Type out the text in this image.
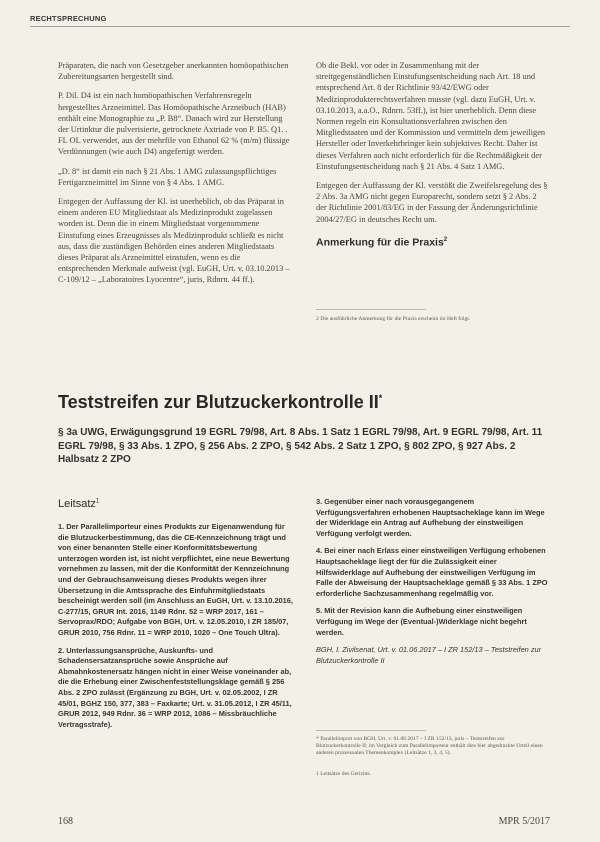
RECHTSPRECHUNG

Präparaten, die nach von Gesetzgeber anerkannten homöopathischen Zubereitungsarten hergestellt sind.

P. Dil. D4 ist ein nach homöopathischen Verfahrensregeln hergestelltes Arzneimittel. Das Homöopathische Arzneibuch (HAB) enthält eine Monographie zu „P. B8“. Danach wird zur Herstellung der Urtinktur die pulverisierte, getrocknete Axtriade von P. B5. Q1. . FL OL verwendet, aus der mehrfile von Ethanol 62 % (m/m) flüssige Verdünnungen (wie auch D4) angefertigt werden.

„D. 8“ ist damit ein nach § 21 Abs. 1 AMG zulassungspflichtiges Fertigarzneimittel im Sinne von § 4 Abs. 1 AMG.

Entgegen der Auffassung der Kl. ist unerheblich, ob das Präparat in einem anderen EU Mitgliedstaat als Medizinprodukt zugelassen worden ist. Denn die in einem Mitgliedstaat vorgenommene Einstufung eines Erzeugnisses als Medizinprodukt schließt es nicht aus, dass die zuständigen Behörden eines anderen Mitgliedstaats dieses Präparat als Arzneimittel einstufen, wenn es die entsprechenden Merkmale aufweist (vgl. EuGH, Urt. v. 03.10.2013 – C-109/12 – „Laboratoires Lyocentre“, juris, Rdnrn. 44 ff.).

Ob die Bekl. vor oder in Zusammenhang mit der streitgegenständlichen Einstufungsentscheidung nach Art. 18 und entsprechend Art. 8 der Richtlinie 93/42/EWG oder Medizinprodukterechtsverfahren musste (vgl. dazu EuGH, Urt. v. 03.10.2013, a.a.O., Rdnrn. 53ff.), ist hier unerheblich. Denn diese Normen regeln ein Konsultationsverfahren zwischen den Mitgliedstaaten und der Kommission und vermitteln dem jeweiligen Hersteller oder Inverkehrbringer kein subjektives Recht. Daher ist dieses Verfahren auch nicht erforderlich für die Rechtmäßigkeit der Einstufungsentscheidung nach § 21 Abs. 4 Satz 1 AMG.

Entgegen der Auffassung der Kl. verstößt die Zweifelsregelung des § 2 Abs. 3a AMG nicht gegen Europarecht, sondern setzt § 2 Abs. 2 der Richtlinie 2001/83/EG in der Fassung der Änderungsrichtlinie 2004/27/EG in deutsches Recht um.

Anmerkung für die Praxis$^2$
2 Die ausführliche Anmerkung für die Praxis erscheint im Heft folgt.
Teststreifen zur Blutzuckerkontrolle II*
§ 3a UWG, Erwägungsgrund 19 EGRL 79/98, Art. 8 Abs. 1 Satz 1 EGRL 79/98, Art. 9 EGRL 79/98, Art. 11 EGRL 79/98, § 33 Abs. 1 ZPO, § 256 Abs. 2 ZPO, § 542 Abs. 2 Satz 1 ZPO, § 802 ZPO, § 927 Abs. 2 Halbsatz 2 ZPO
Leitsatz$^1$

1. Der Parallelimporteur eines Produkts zur Eigenanwendung für die Blutzuckerbestimmung, das die CE-Kennzeichnung trägt und von einer benannten Stelle einer Konformitätsbewertung unterzogen worden ist, ist nicht verpflichtet, eine neue Bewertung vornehmen zu lassen, mit der die Konformität der Kennzeichnung und der Gebrauchsanweisung dieses Produkts wegen ihrer Übersetzung in die Amtssprache des Einfuhrmitgliedstaats bescheinigt werden soll (im Anschluss an EuGH, Urt. v. 13.10.2016, C-277/15, GRUR Int. 2016, 1149 Rdnr. 52 = WRP 2017, 161 – Servoprax/RDO; Aufgabe von BGH, Urt. v. 12.05.2010, I ZR 185/07, GRUR 2010, 756 Rdnr. 11 = WRP 2010, 1020 – One Touch Ultra).

2. Unterlassungsansprüche, Auskunfts- und Schadensersatzansprüche sowie Ansprüche auf Abmahnkostenersatz hängen nicht in einer Weise voneinander ab, die die Erhebung einer Zwischenfeststellungsklage gemäß § 256 Abs. 2 ZPO zulässt (Ergänzung zu BGH, Urt. v. 02.05.2002, I ZR 45/01, BGHZ 150, 377, 383 – Faxkarte; Urt. v. 31.05.2012, I ZR 45/11, GRUR 2012, 949 Rdnr. 36 = WRP 2012, 1086 – Missbräuchliche Vertragsstrafe).

3. Gegenüber einer nach vorausgegangenem Verfügungsverfahren erhobenen Hauptsacheklage kann im Wege der Widerklage ein Antrag auf Aufhebung der einstweiligen Verfügung verfolgt werden.

4. Bei einer nach Erlass einer einstweiligen Verfügung erhobenen Hauptsacheklage liegt der für die Zulässigkeit einer Hilfswiderklage auf Aufhebung der einstweiligen Verfügung im Falle der Abweisung der Hauptsacheklage gemäß § 33 Abs. 1 ZPO erforderliche Sachzusammenhang regelmäßig vor.

5. Mit der Revision kann die Aufhebung einer einstweiligen Verfügung im Wege der (Eventual-)Widerklage nicht begehrt werden.

BGH, I. Zivilsenat, Urt. v. 01.06.2017 – I ZR 152/13 – Teststreifen zur Blutzuckerkontrolle II

* Parallelimport von BGH, Urt. v. 01.06.2017 – I ZR 152/13, juris – Teststreifen zur Blutzuckerkontrolle II; im Vergleich zum Parallelimporteur enthält dies hier abgedruckte Urteil einen anderen prozessualen Themenkomplex (Leitsätze 1, 3, 4, 5).
1 Leitsätze des Gerichts.
168	MPR 5/2017
